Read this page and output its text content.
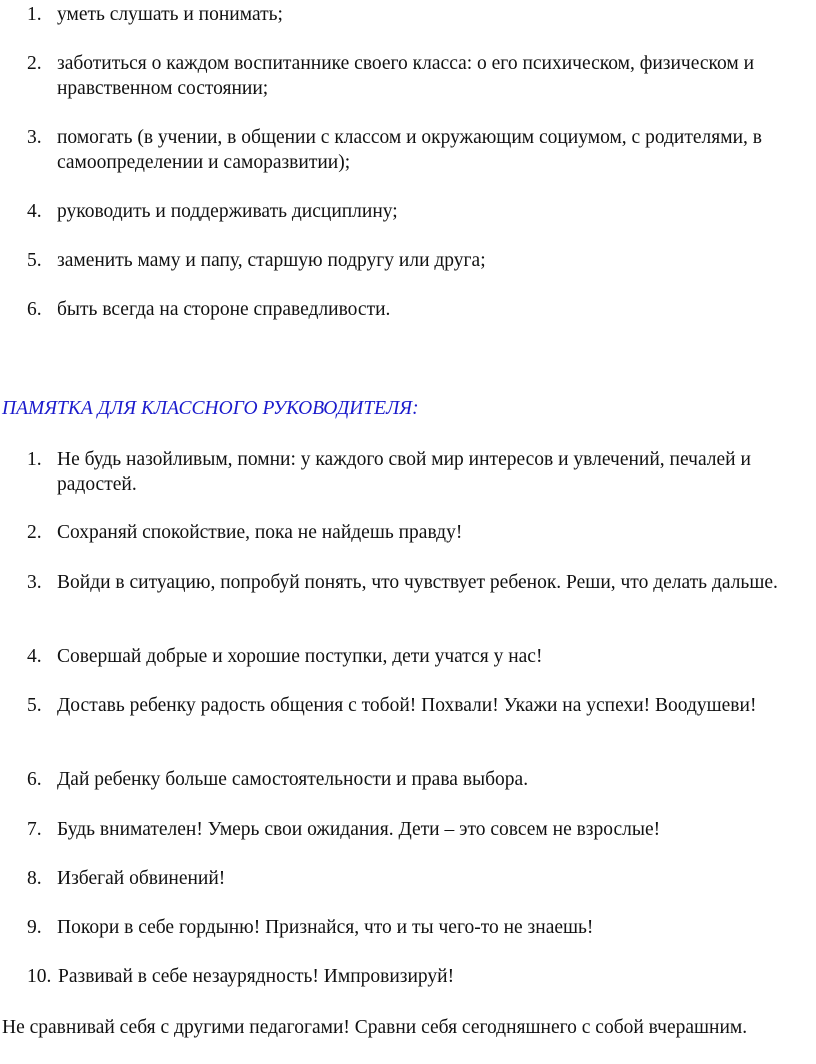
1. уметь слушать и понимать;
2. заботиться о каждом воспитаннике своего класса: о его психическом, физическом и нравственном состоянии;
3. помогать (в учении, в общении с классом и окружающим социумом, с родителями, в самоопределении и саморазвитии);
4. руководить и поддерживать дисциплину;
5. заменить маму и папу, старшую подругу или друга;
6. быть всегда на стороне справедливости.
ПАМЯТКА ДЛЯ КЛАССНОГО РУКОВОДИТЕЛЯ:
1. Не будь назойливым, помни: у каждого свой мир интересов и увлечений, печалей и радостей.
2. Сохраняй спокойствие, пока не найдешь правду!
3. Войди в ситуацию, попробуй понять, что чувствует ребенок. Реши, что делать дальше.
4. Совершай добрые и хорошие поступки, дети учатся у нас!
5. Доставь ребенку радость общения с тобой! Похвали! Укажи на успехи! Воодушеви!
6. Дай ребенку больше самостоятельности и права выбора.
7. Будь внимателен! Умерь свои ожидания. Дети – это совсем не взрослые!
8. Избегай обвинений!
9. Покори в себе гордыню! Признайся, что и ты чего-то не знаешь!
10. Развивай в себе незаурядность! Импровизируй!
Не сравнивай себя с другими педагогами! Сравни себя сегодняшнего с собой вчерашним.
